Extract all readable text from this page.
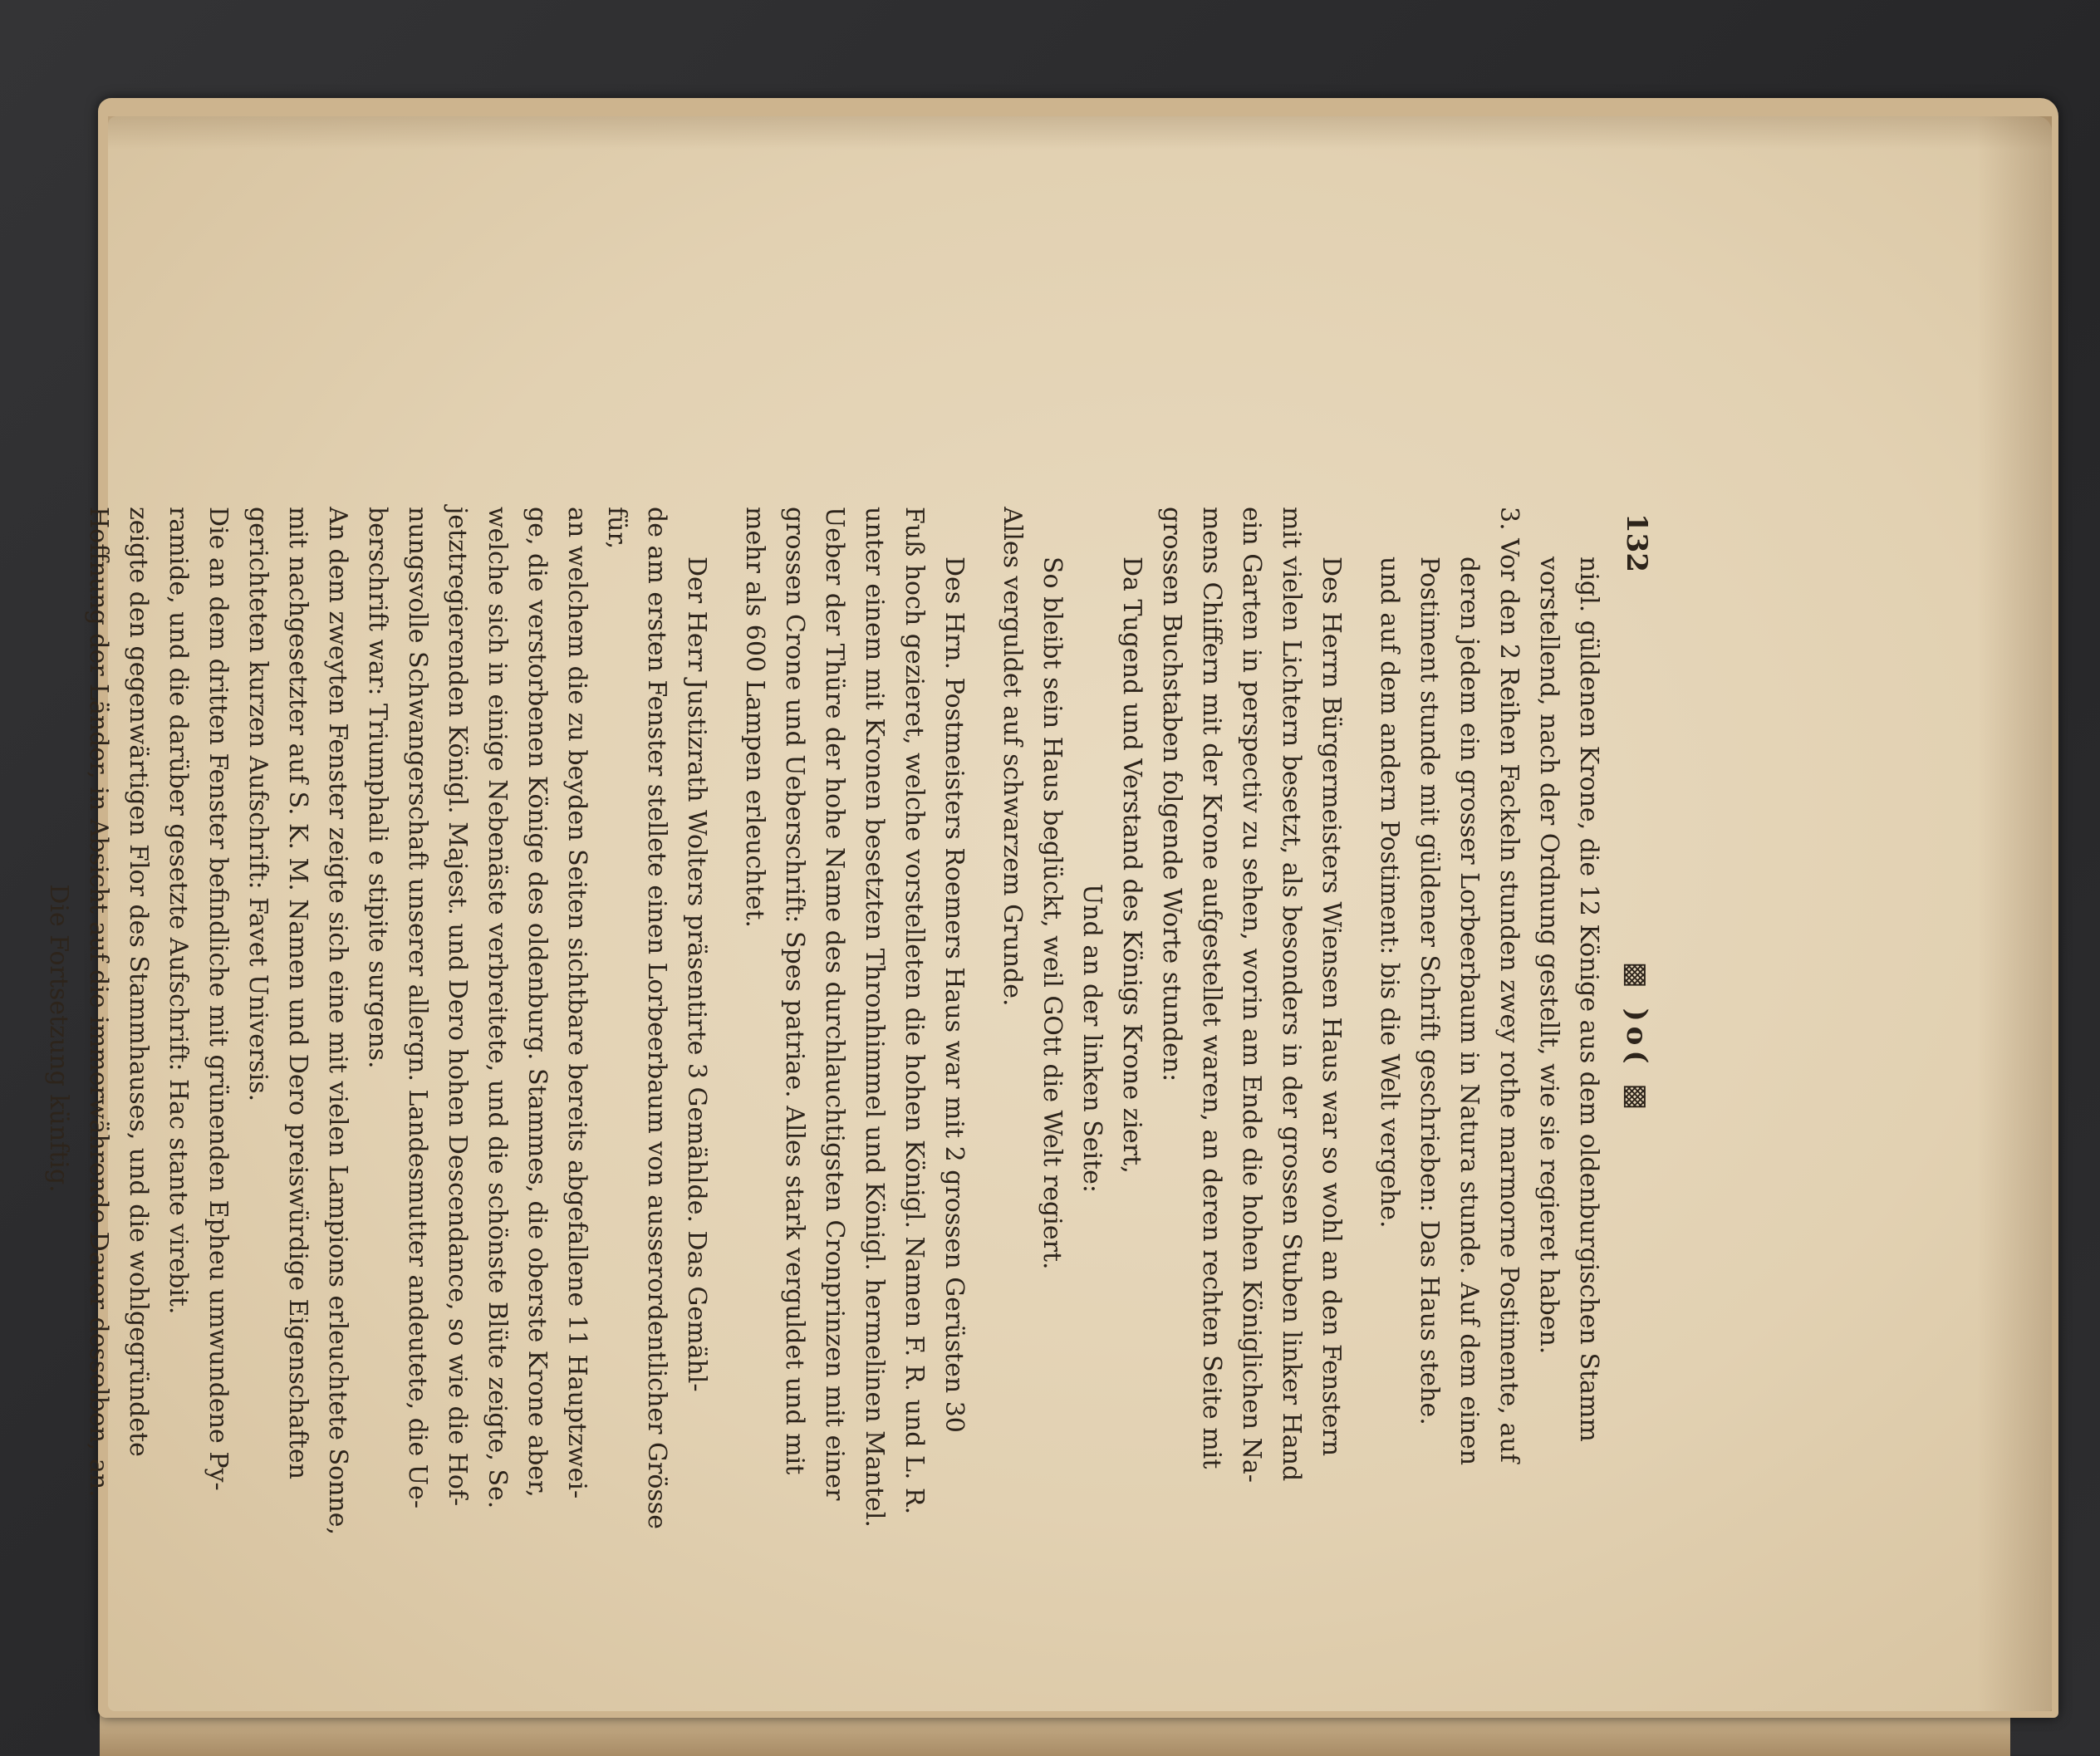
132
▩ )o( ▩

nigl. güldenen Krone, die 12 Könige aus dem oldenburgischen Stamm

vorstellend, nach der Ordnung gestellt, wie sie regieret haben.

3. Vor den 2 Reihen Fackeln stunden zwey rothe marmorne Postimente, auf

deren jedem ein grosser Lorbeerbaum in Natura stunde. Auf dem einen

Postiment stunde mit güldener Schrift geschrieben: Das Haus stehe.

und auf dem andern Postiment: bis die Welt vergehe.

Des Herrn Bürgermeisters Wiensen Haus war so wohl an den Fenstern

mit vielen Lichtern besetzt, als besonders in der grossen Stuben linker Hand

ein Garten in perspectiv zu sehen, worin am Ende die hohen Königlichen Na-

mens Chiffern mit der Krone aufgestellet waren, an deren rechten Seite mit

grossen Buchstaben folgende Worte stunden:

Da Tugend und Verstand des Königs Krone ziert,

Und an der linken Seite:

So bleibt sein Haus beglückt, weil GOtt die Welt regiert.

Alles verguldet auf schwarzem Grunde.

Des Hrn. Postmeisters Roemers Haus war mit 2 grossen Gerüsten 30

Fuß hoch gezieret, welche vorstelleten die hohen Königl. Namen F. R. und L. R.

unter einem mit Kronen besetzten Thronhimmel und Königl. hermelinen Mantel.

Ueber der Thüre der hohe Name des durchlauchtigsten Cronprinzen mit einer

grossen Crone und Ueberschrift: Spes patriae. Alles stark verguldet und mit

mehr als 600 Lampen erleuchtet.

Der Herr Justizrath Wolters präsentirte 3 Gemählde. Das Gemähl-

de am ersten Fenster stellete einen Lorbeerbaum von ausserordentlicher Grösse für,

an welchem die zu beyden Seiten sichtbare bereits abgefallene 11 Hauptzwei-

ge, die verstorbenen Könige des oldenburg. Stammes, die oberste Krone aber,

welche sich in einige Nebenäste verbreitete, und die schönste Blüte zeigte, Se.

jetztregierenden Königl. Majest. und Dero hohen Descendance, so wie die Hof-

nungsvolle Schwangerschaft unserer allergn. Landesmutter andeutete, die Ue-

berschrift war: Triumphali e stipite surgens.

An dem zweyten Fenster zeigte sich eine mit vielen Lampions erleuchtete Sonne,

mit nachgesetzter auf S. K. M. Namen und Dero preiswürdige Eigenschaften

gerichteten kurzen Aufschrift: Favet Universis.

Die an dem dritten Fenster befindliche mit grünenden Epheu umwundene Py-

ramide, und die darüber gesetzte Aufschrift: Hac stante virebit.

zeigte den gegenwärtigen Flor des Stammhauses, und die wohlgegründete

Hoffnung der Länder, in Absicht auf die immerwährende Dauer desselben, an.

Die Fortsetzung künftig.
